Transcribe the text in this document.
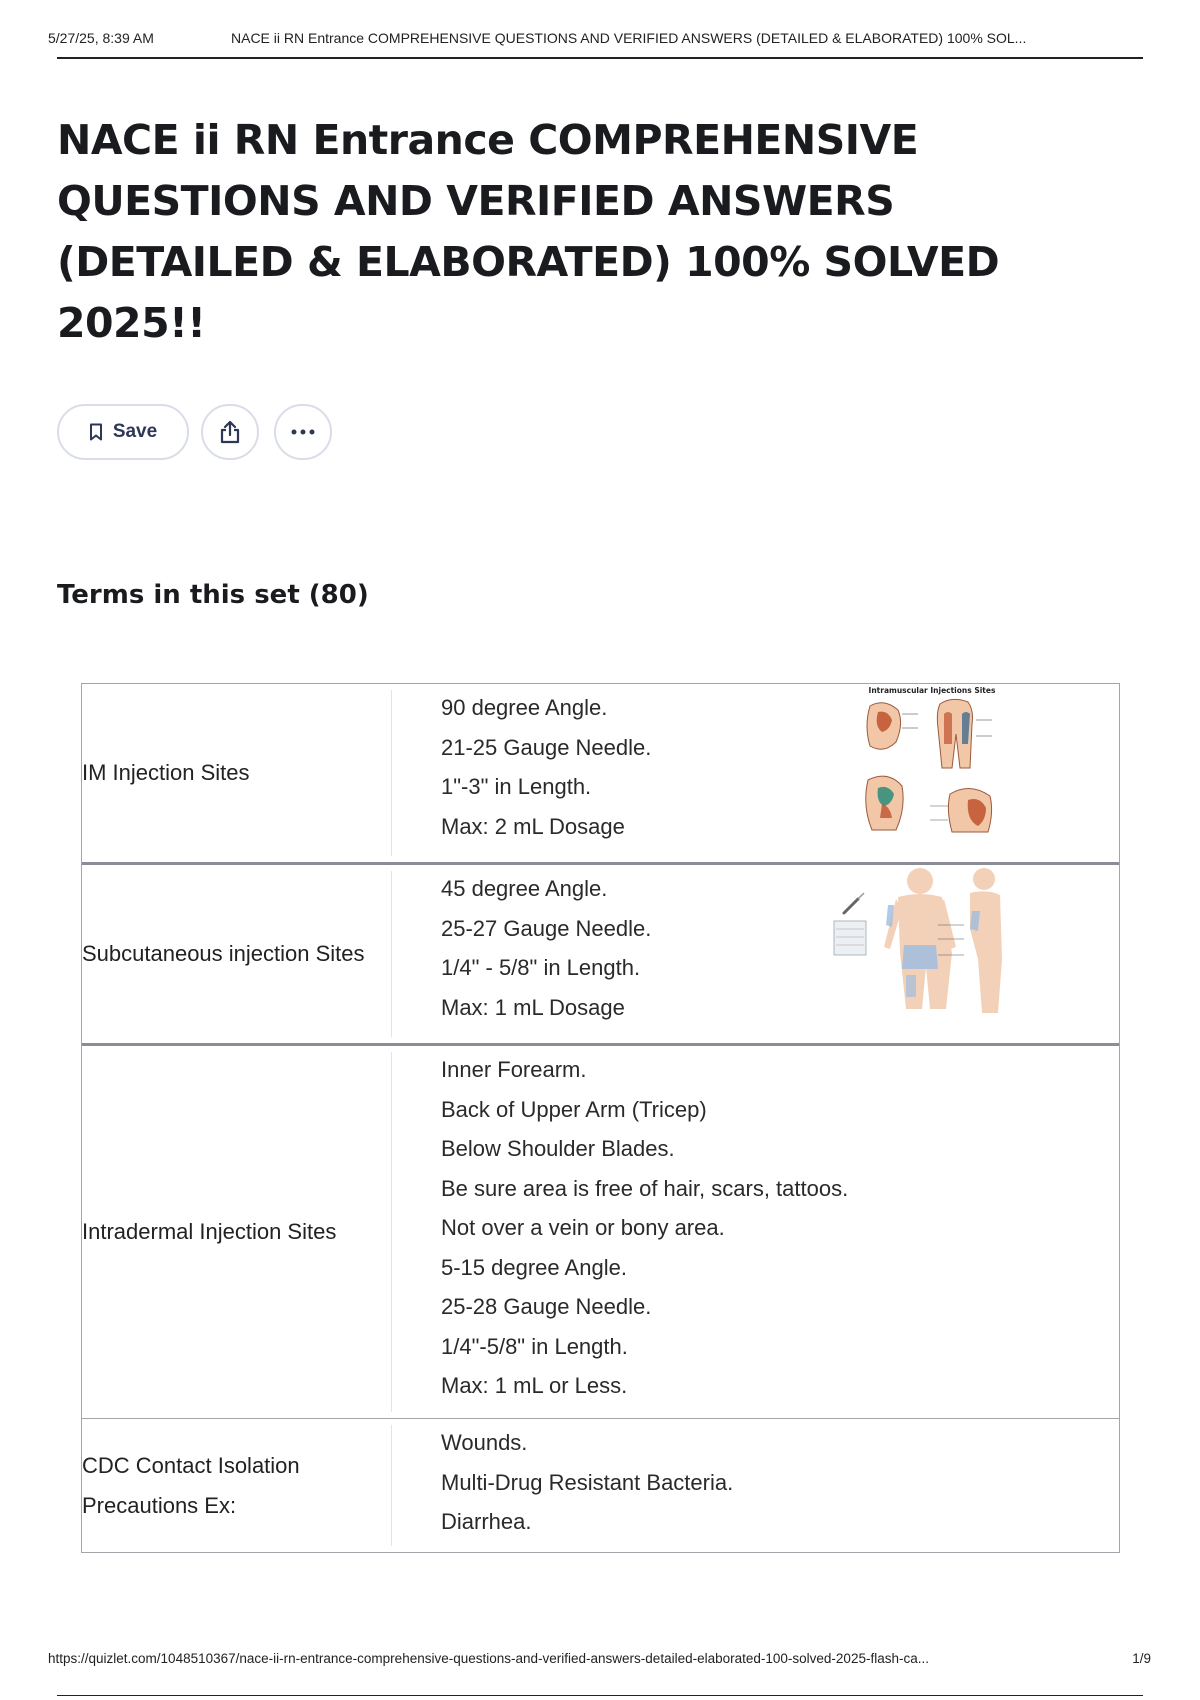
5/27/25, 8:39 AM	NACE ii RN Entrance COMPREHENSIVE QUESTIONS AND VERIFIED ANSWERS (DETAILED & ELABORATED) 100% SOL...
NACE ii RN Entrance COMPREHENSIVE QUESTIONS AND VERIFIED ANSWERS (DETAILED & ELABORATED) 100% SOLVED 2025!!
Save
Terms in this set (80)
IM Injection Sites
90 degree Angle.
21-25 Gauge Needle.
1"-3" in Length.
Max: 2 mL Dosage
Intramuscular Injections Sites
Subcutaneous injection Sites
45 degree Angle.
25-27 Gauge Needle.
1/4" - 5/8" in Length.
Max: 1 mL Dosage
Intradermal Injection Sites
Inner Forearm.
Back of Upper Arm (Tricep)
Below Shoulder Blades.
Be sure area is free of hair, scars, tattoos.
Not over a vein or bony area.
5-15 degree Angle.
25-28 Gauge Needle.
1/4"-5/8" in Length.
Max: 1 mL or Less.
CDC Contact Isolation Precautions Ex:
Wounds.
Multi-Drug Resistant Bacteria.
Diarrhea.
https://quizlet.com/1048510367/nace-ii-rn-entrance-comprehensive-questions-and-verified-answers-detailed-elaborated-100-solved-2025-flash-ca...	1/9
